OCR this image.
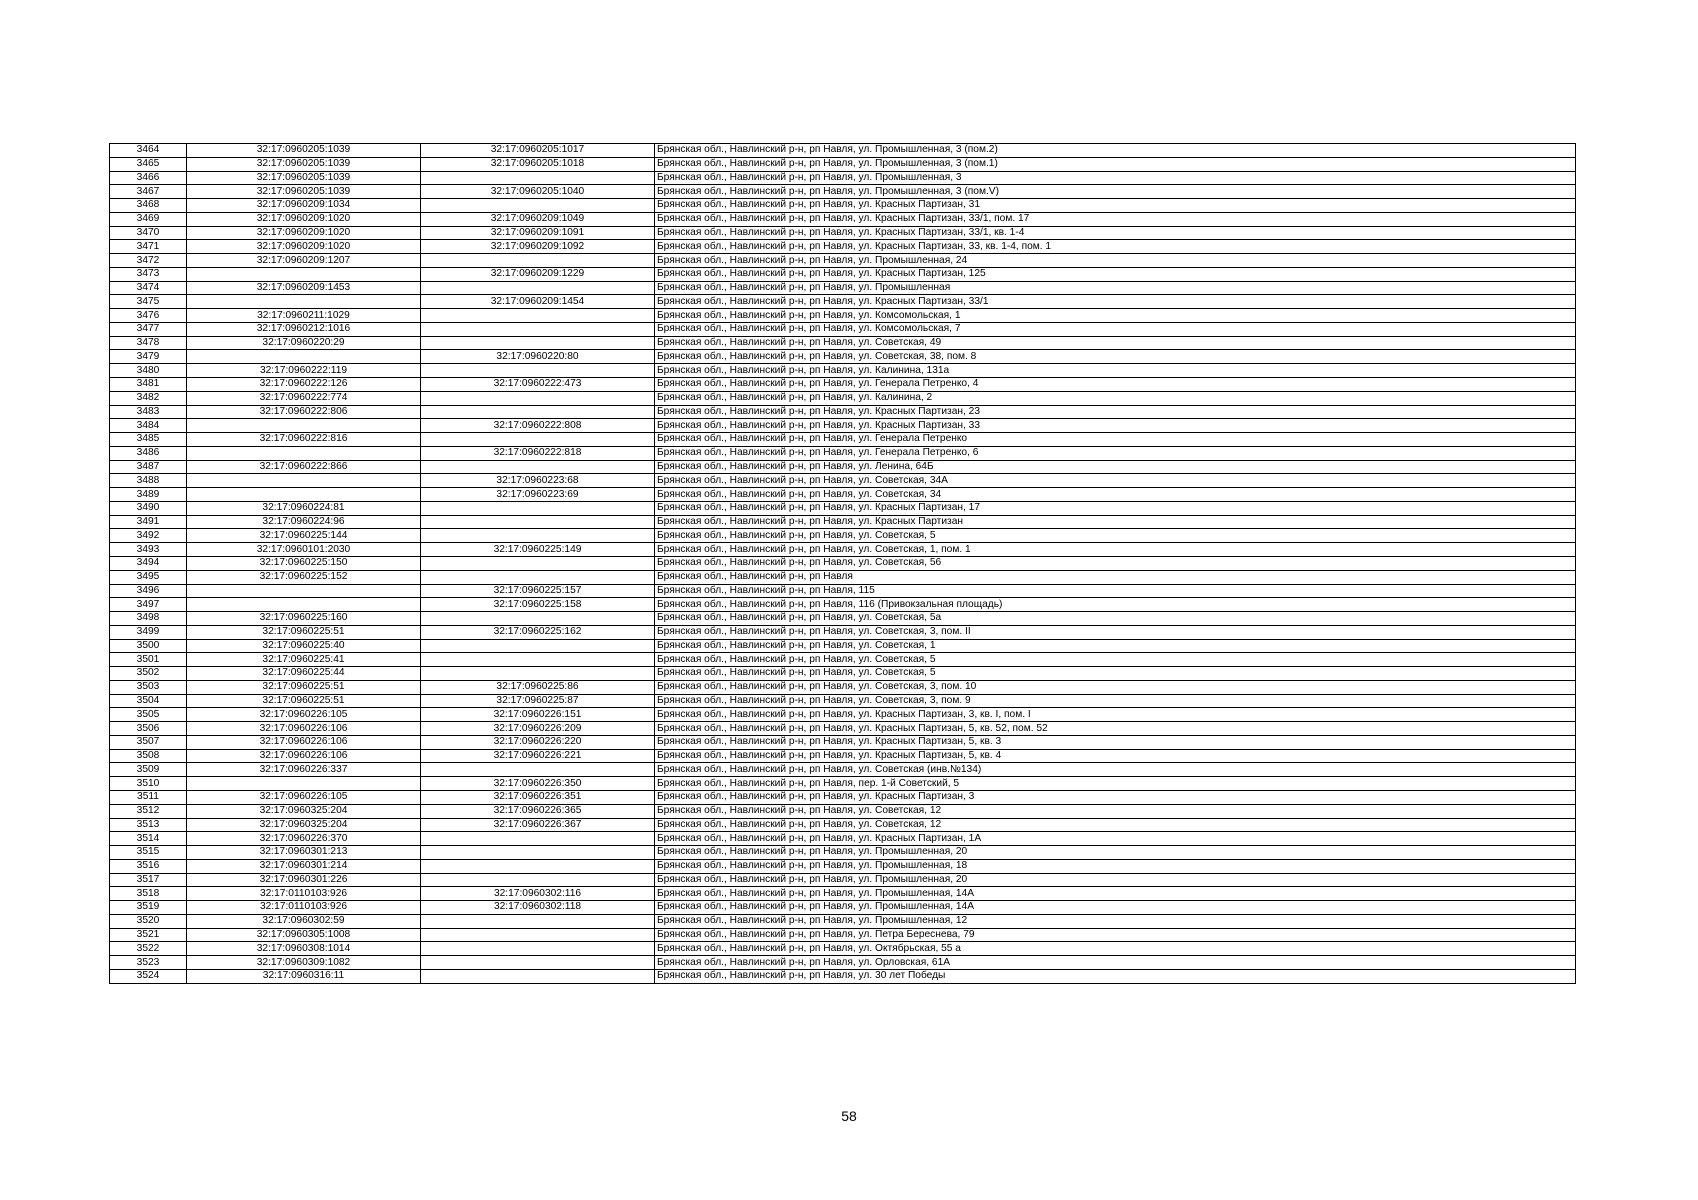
3464	32:17:0960205:1039	32:17:0960205:1017	Брянская обл., Навлинский р-н, рп Навля, ул. Промышленная, 3 (пом.2)
3465	32:17:0960205:1039	32:17:0960205:1018	Брянская обл., Навлинский р-н, рп Навля, ул. Промышленная, 3 (пом.1)
3466	32:17:0960205:1039		Брянская обл., Навлинский р-н, рп Навля, ул. Промышленная, 3
3467	32:17:0960205:1039	32:17:0960205:1040	Брянская обл., Навлинский р-н, рп Навля, ул. Промышленная, 3 (пом.V)
3468	32:17:0960209:1034		Брянская обл., Навлинский р-н, рп Навля, ул. Красных Партизан, 31
3469	32:17:0960209:1020	32:17:0960209:1049	Брянская обл., Навлинский р-н, рп Навля, ул. Красных Партизан, 33/1, пом. 17
3470	32:17:0960209:1020	32:17:0960209:1091	Брянская обл., Навлинский р-н, рп Навля, ул. Красных Партизан, 33/1, кв. 1-4
3471	32:17:0960209:1020	32:17:0960209:1092	Брянская обл., Навлинский р-н, рп Навля, ул. Красных Партизан, 33, кв. 1-4, пом. 1
3472	32:17:0960209:1207		Брянская обл., Навлинский р-н, рп Навля, ул. Промышленная, 24
3473		32:17:0960209:1229	Брянская обл., Навлинский р-н, рп Навля, ул. Красных Партизан, 125
3474	32:17:0960209:1453		Брянская обл., Навлинский р-н, рп Навля, ул. Промышленная
3475		32:17:0960209:1454	Брянская обл., Навлинский р-н, рп Навля, ул. Красных Партизан, 33/1
3476	32:17:0960211:1029		Брянская обл., Навлинский р-н, рп Навля, ул. Комсомольская, 1
3477	32:17:0960212:1016		Брянская обл., Навлинский р-н, рп Навля, ул. Комсомольская, 7
3478	32:17:0960220:29		Брянская обл., Навлинский р-н, рп Навля, ул. Советская, 49
3479		32:17:0960220:80	Брянская обл., Навлинский р-н, рп Навля, ул. Советская, 38, пом. 8
3480	32:17:0960222:119		Брянская обл., Навлинский р-н, рп Навля, ул. Калинина, 131а
3481	32:17:0960222:126	32:17:0960222:473	Брянская обл., Навлинский р-н, рп Навля, ул. Генерала Петренко, 4
3482	32:17:0960222:774		Брянская обл., Навлинский р-н, рп Навля, ул. Калинина, 2
3483	32:17:0960222:806		Брянская обл., Навлинский р-н, рп Навля, ул. Красных Партизан, 23
3484		32:17:0960222:808	Брянская обл., Навлинский р-н, рп Навля, ул. Красных Партизан, 33
3485	32:17:0960222:816		Брянская обл., Навлинский р-н, рп Навля, ул. Генерала Петренко
3486		32:17:0960222:818	Брянская обл., Навлинский р-н, рп Навля, ул. Генерала Петренко, 6
3487	32:17:0960222:866		Брянская обл., Навлинский р-н, рп Навля, ул. Ленина, 64Б
3488		32:17:0960223:68	Брянская обл., Навлинский р-н, рп Навля, ул. Советская, 34А
3489		32:17:0960223:69	Брянская обл., Навлинский р-н, рп Навля, ул. Советская, 34
3490	32:17:0960224:81		Брянская обл., Навлинский р-н, рп Навля, ул. Красных Партизан, 17
3491	32:17:0960224:96		Брянская обл., Навлинский р-н, рп Навля, ул. Красных Партизан
3492	32:17:0960225:144		Брянская обл., Навлинский р-н, рп Навля, ул. Советская, 5
3493	32:17:0960101:2030	32:17:0960225:149	Брянская обл., Навлинский р-н, рп Навля, ул. Советская, 1, пом. 1
3494	32:17:0960225:150		Брянская обл., Навлинский р-н, рп Навля, ул. Советская, 56
3495	32:17:0960225:152		Брянская обл., Навлинский р-н, рп Навля
3496		32:17:0960225:157	Брянская обл., Навлинский р-н, рп Навля, 115
3497		32:17:0960225:158	Брянская обл., Навлинский р-н, рп Навля, 116 (Привокзальная площадь)
3498	32:17:0960225:160		Брянская обл., Навлинский р-н, рп Навля, ул. Советская, 5а
3499	32:17:0960225:51	32:17:0960225:162	Брянская обл., Навлинский р-н, рп Навля, ул. Советская, 3, пом. II
3500	32:17:0960225:40		Брянская обл., Навлинский р-н, рп Навля, ул. Советская, 1
3501	32:17:0960225:41		Брянская обл., Навлинский р-н, рп Навля, ул. Советская, 5
3502	32:17:0960225:44		Брянская обл., Навлинский р-н, рп Навля, ул. Советская, 5
3503	32:17:0960225:51	32:17:0960225:86	Брянская обл., Навлинский р-н, рп Навля, ул. Советская, 3, пом. 10
3504	32:17:0960225:51	32:17:0960225:87	Брянская обл., Навлинский р-н, рп Навля, ул. Советская, 3, пом. 9
3505	32:17:0960226:105	32:17:0960226:151	Брянская обл., Навлинский р-н, рп Навля, ул. Красных Партизан, 3, кв. I, пом. I
3506	32:17:0960226:106	32:17:0960226:209	Брянская обл., Навлинский р-н, рп Навля, ул. Красных Партизан, 5, кв. 52, пом. 52
3507	32:17:0960226:106	32:17:0960226:220	Брянская обл., Навлинский р-н, рп Навля, ул. Красных Партизан, 5, кв. 3
3508	32:17:0960226:106	32:17:0960226:221	Брянская обл., Навлинский р-н, рп Навля, ул. Красных Партизан, 5, кв. 4
3509	32:17:0960226:337		Брянская обл., Навлинский р-н, рп Навля, ул. Советская (инв.№134)
3510		32:17:0960226:350	Брянская обл., Навлинский р-н, рп Навля, пер. 1-й Советский, 5
3511	32:17:0960226:105	32:17:0960226:351	Брянская обл., Навлинский р-н, рп Навля, ул. Красных Партизан, 3
3512	32:17:0960325:204	32:17:0960226:365	Брянская обл., Навлинский р-н, рп Навля, ул. Советская, 12
3513	32:17:0960325:204	32:17:0960226:367	Брянская обл., Навлинский р-н, рп Навля, ул. Советская, 12
3514	32:17:0960226:370		Брянская обл., Навлинский р-н, рп Навля, ул. Красных Партизан, 1А
3515	32:17:0960301:213		Брянская обл., Навлинский р-н, рп Навля, ул. Промышленная, 20
3516	32:17:0960301:214		Брянская обл., Навлинский р-н, рп Навля, ул. Промышленная, 18
3517	32:17:0960301:226		Брянская обл., Навлинский р-н, рп Навля, ул. Промышленная, 20
3518	32:17:0110103:926	32:17:0960302:116	Брянская обл., Навлинский р-н, рп Навля, ул. Промышленная, 14А
3519	32:17:0110103:926	32:17:0960302:118	Брянская обл., Навлинский р-н, рп Навля, ул. Промышленная, 14А
3520	32:17:0960302:59		Брянская обл., Навлинский р-н, рп Навля, ул. Промышленная, 12
3521	32:17:0960305:1008		Брянская обл., Навлинский р-н, рп Навля, ул. Петра Береснева, 79
3522	32:17:0960308:1014		Брянская обл., Навлинский р-н, рп Навля, ул. Октябрьская, 55 а
3523	32:17:0960309:1082		Брянская обл., Навлинский р-н, рп Навля, ул. Орловская, 61А
3524	32:17:0960316:11		Брянская обл., Навлинский р-н, рп Навля, ул. 30 лет Победы
58
